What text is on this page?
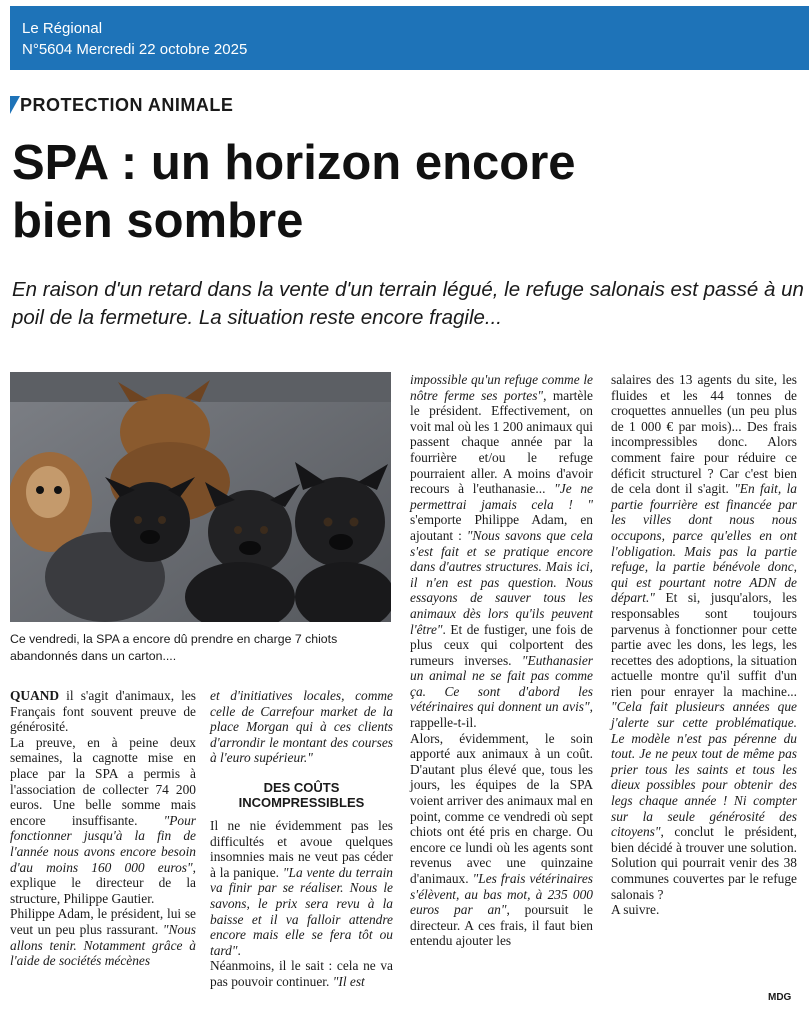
Le Régional
N°5604 Mercredi 22 octobre 2025
PROTECTION ANIMALE
SPA : un horizon encore
bien sombre
En raison d'un retard dans la vente d'un terrain légué, le refuge salonais est passé à un poil de la fermeture. La situation reste encore fragile...
Ce vendredi, la SPA a encore dû prendre en charge 7 chiots abandonnés dans un carton....

QUAND il s'agit d'animaux, les Français font souvent preuve de générosité.

La preuve, en à peine deux semaines, la cagnotte mise en place par la SPA a permis à l'association de collecter 74 200 euros. Une belle somme mais encore insuffisante. "Pour fonctionner jusqu'à la fin de l'année nous avons encore besoin d'au moins 160 000 euros", explique le directeur de la structure, Philippe Gautier.

Philippe Adam, le président, lui se veut un peu plus rassurant. "Nous allons tenir. Notamment grâce à l'aide de sociétés mécènes

et d'initiatives locales, comme celle de Carrefour market de la place Morgan qui à ces clients d'arrondir le montant des courses à l'euro supérieur."

DES COÛTS
INCOMPRESSIBLES

Il ne nie évidemment pas les difficultés et avoue quelques insomnies mais ne veut pas céder à la panique. "La vente du terrain va finir par se réaliser. Nous le savons, le prix sera revu à la baisse et il va falloir attendre encore mais elle se fera tôt ou tard".

Néanmoins, il le sait : cela ne va pas pouvoir continuer. "Il est

impossible qu'un refuge comme le nôtre ferme ses portes", martèle le président. Effectivement, on voit mal où les 1 200 animaux qui passent chaque année par la fourrière et/ou le refuge pourraient aller. A moins d'avoir recours à l'euthanasie... "Je ne permettrai jamais cela ! " s'emporte Philippe Adam, en ajoutant : "Nous savons que cela s'est fait et se pratique encore dans d'autres structures. Mais ici, il n'en est pas question. Nous essayons de sauver tous les animaux dès lors qu'ils peuvent l'être". Et de fustiger, une fois de plus ceux qui colportent des rumeurs inverses. "Euthanasier un animal ne se fait pas comme ça. Ce sont d'abord les vétérinaires qui donnent un avis", rappelle-t-il.

Alors, évidemment, le soin apporté aux animaux à un coût. D'autant plus élevé que, tous les jours, les équipes de la SPA voient arriver des animaux mal en point, comme ce vendredi où sept chiots ont été pris en charge. Ou encore ce lundi où les agents sont revenus avec une quinzaine d'animaux. "Les frais vétérinaires s'élèvent, au bas mot, à 235 000 euros par an", poursuit le directeur. A ces frais, il faut bien entendu ajouter les

salaires des 13 agents du site, les fluides et les 44 tonnes de croquettes annuelles (un peu plus de 1 000 € par mois)... Des frais incompressibles donc. Alors comment faire pour réduire ce déficit structurel ? Car c'est bien de cela dont il s'agit. "En fait, la partie fourrière est financée par les villes dont nous nous occupons, parce qu'elles en ont l'obligation. Mais pas la partie refuge, la partie bénévole donc, qui est pourtant notre ADN de départ." Et si, jusqu'alors, les responsables sont toujours parvenus à fonctionner pour cette partie avec les dons, les legs, les recettes des adoptions, la situation actuelle montre qu'il suffit d'un rien pour enrayer la machine... "Cela fait plusieurs années que j'alerte sur cette problématique. Le modèle n'est pas pérenne du tout. Je ne peux tout de même pas prier tous les saints et tous les dieux possibles pour obtenir des legs chaque année ! Ni compter sur la seule générosité des citoyens", conclut le président, bien décidé à trouver une solution. Solution qui pourrait venir des 38 communes couvertes par le refuge salonais ?

A suivre.

MDG
